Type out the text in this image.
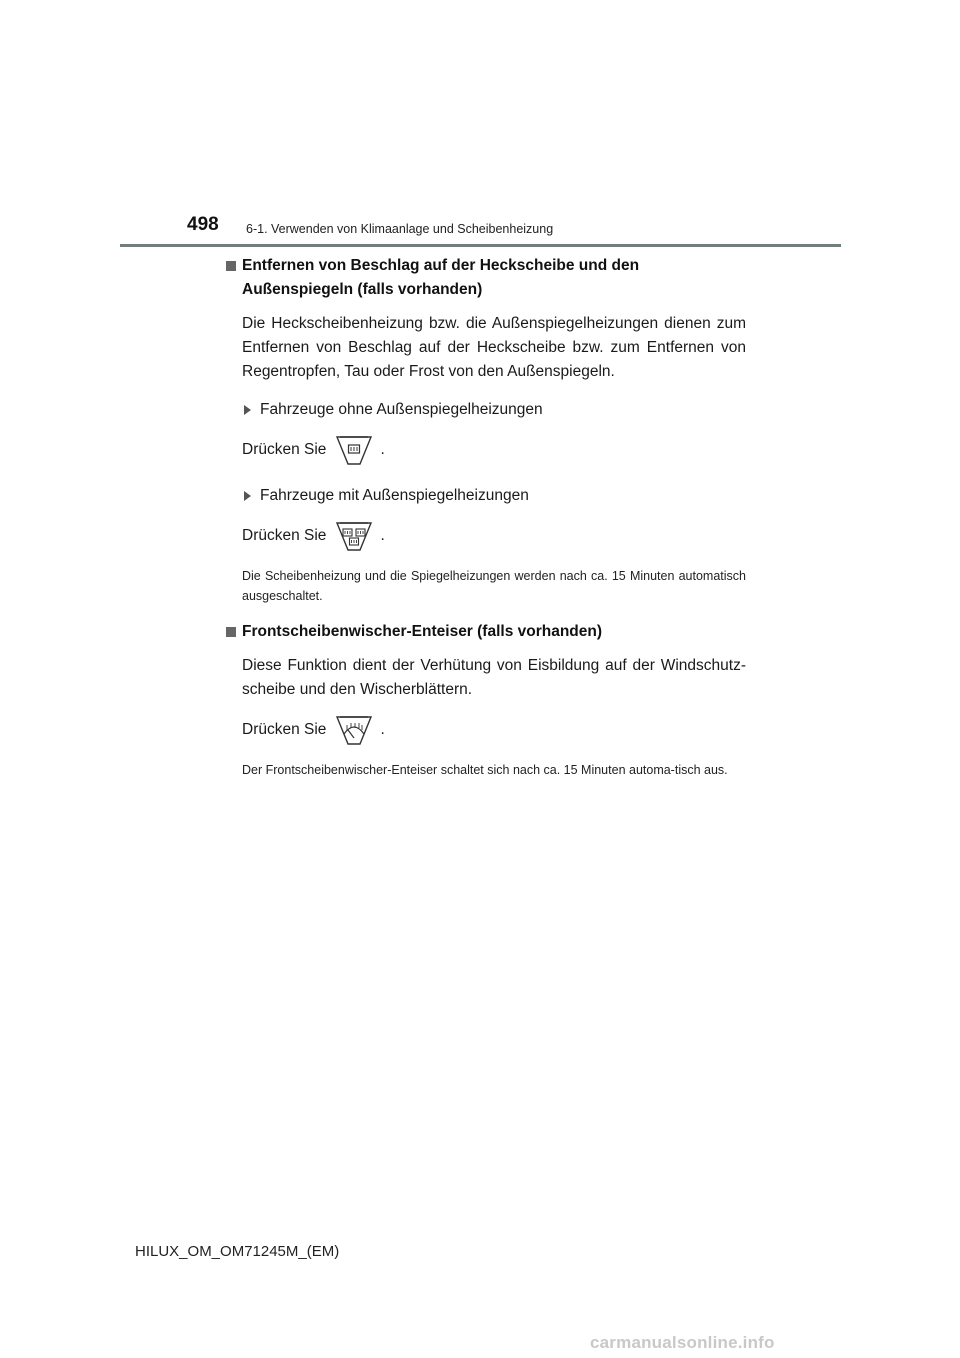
498 6-1. Verwenden von Klimaanlage und Scheibenheizung
Entfernen von Beschlag auf der Heckscheibe und den Außenspiegeln (falls vorhanden)

Die Heckscheibenheizung bzw. die Außenspiegelheizungen dienen zum Entfernen von Beschlag auf der Heckscheibe bzw. zum Entfernen von Regentropfen, Tau oder Frost von den Außenspiegeln.

Fahrzeuge ohne Außenspiegelheizungen
Drücken Sie	.
Fahrzeuge mit Außenspiegelheizungen
Drücken Sie	.

Die Scheibenheizung und die Spiegelheizungen werden nach ca. 15 Minuten automatisch ausgeschaltet.

Frontscheibenwischer-Enteiser (falls vorhanden)

Diese Funktion dient der Verhütung von Eisbildung auf der Windschutz-scheibe und den Wischerblättern.

Drücken Sie	.

Der Frontscheibenwischer-Enteiser schaltet sich nach ca. 15 Minuten automa-tisch aus.

HILUX_OM_OM71245M_(EM)
carmanualsonline.info
